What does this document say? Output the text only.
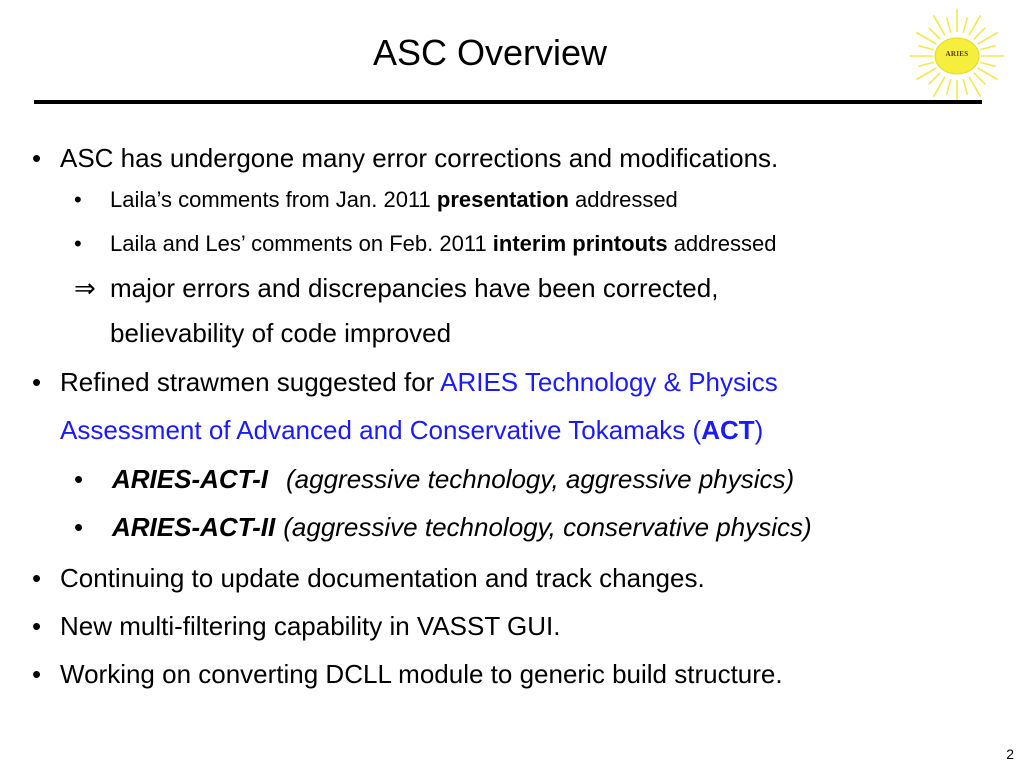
ASC Overview	ARIES
• ASC has undergone many error corrections and modifications.
• Laila’s comments from Jan. 2011 presentation addressed
• Laila and Les’ comments on Feb. 2011 interim printouts addressed
⇒ major errors and discrepancies have been corrected,
believability of code improved
• Refined strawmen suggested for ARIES Technology & Physics
Assessment of Advanced and Conservative Tokamaks (ACT)
• ARIES-ACT-I (aggressive technology, aggressive physics)
• ARIES-ACT-II (aggressive technology, conservative physics)
• Continuing to update documentation and track changes.
• New multi-filtering capability in VASST GUI.
• Working on converting DCLL module to generic build structure.
2
